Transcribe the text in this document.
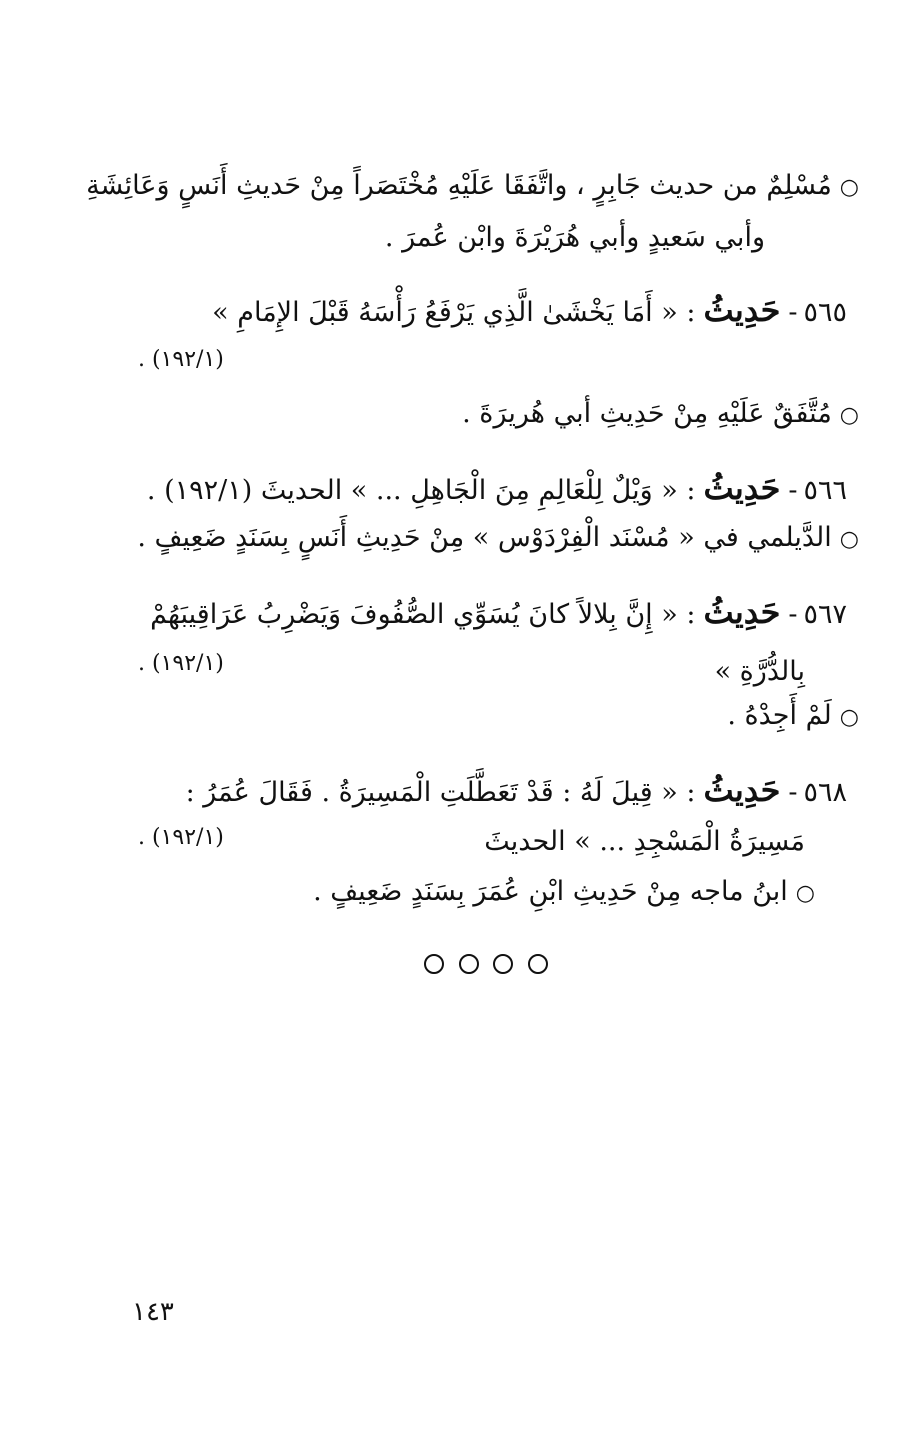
○مُسْلِمٌ من حديث جَابِرٍ ، واتَّفَقَا عَلَيْهِ مُخْتَصَراً مِنْ حَديثِ أَنَسٍ وَعَائِشَةِ
وأبي سَعيدٍ وأبي هُرَيْرَةَ وابْن عُمرَ .
٥٦٥-حَدِيثُ: « أَمَا يَخْشَىٰ الَّذِي يَرْفَعُ رَأْسَهُ قَبْلَ الإِمَامِ »
(١٩٢/١) .
○مُتَّفَقٌ عَلَيْهِ مِنْ حَدِيثِ أبي هُريرَةَ .
٥٦٦-حَدِيثُ: « وَيْلٌ لِلْعَالِمِ مِنَ الْجَاهِلِ ... » الحديثَ (١٩٢/١) .
○الدَّيلمي في « مُسْنَد الْفِرْدَوْس » مِنْ حَدِيثِ أَنَسٍ بِسَنَدٍ ضَعِيفٍ .
٥٦٧-حَدِيثُ: « إِنَّ بِلالاً كانَ يُسَوِّي الصُّفُوفَ وَيَضْرِبُ عَرَاقِيبَهُمْ
بِالدُّرَّةِ »
(١٩٢/١) .
○لَمْ أَجِدْهُ .
٥٦٨-حَدِيثُ: « قِيلَ لَهُ : قَدْ تَعَطَّلَتِ الْمَسِيرَةُ . فَقَالَ عُمَرُ :
مَسِيرَةُ الْمَسْجِدِ ... » الحديثَ
(١٩٢/١) .
○ابنُ ماجه مِنْ حَدِيثِ ابْنِ عُمَرَ بِسَنَدٍ ضَعِيفٍ .
١٤٣
